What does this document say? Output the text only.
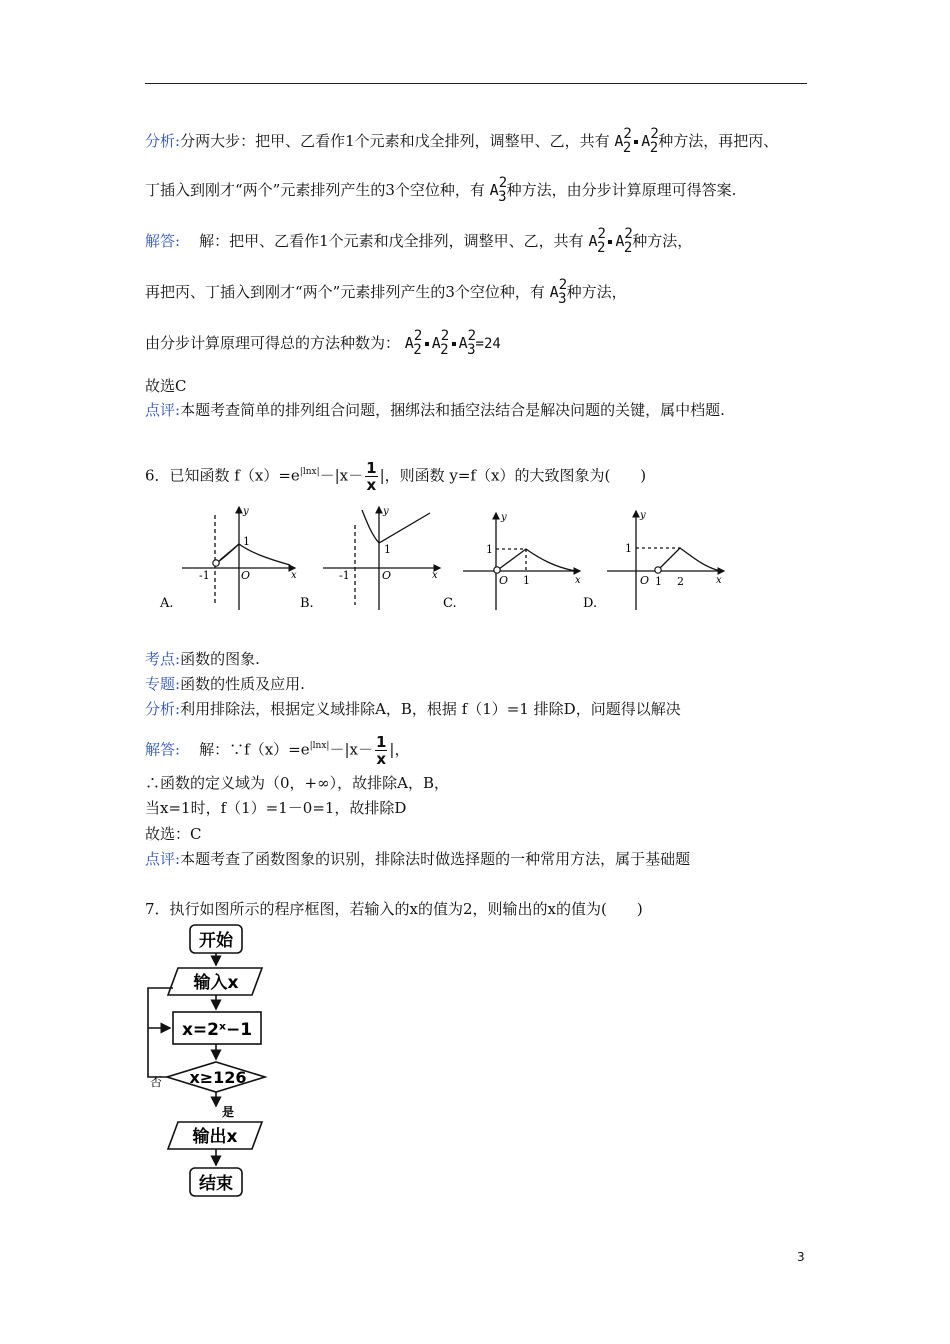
分析:分两大步：把甲、乙看作1个元素和戊全排列，调整甲、乙，共有 A22 A22种方法，再把丙、
丁插入到刚才“两个”元素排列产生的3个空位种，有 A23种方法，由分步计算原理可得答案.
解答: 解：把甲、乙看作1个元素和戊全排列，调整甲、乙，共有 A22 A22种方法，
再把丙、丁插入到刚才“两个”元素排列产生的3个空位种，有 A23种方法，
由分步计算原理可得总的方法种数为： A22 A22 A23=24
故选C
点评:本题考查简单的排列组合问题，捆绑法和插空法结合是解决问题的关键，属中档题.
6．已知函数 $f(x)=e^{|lnx|}-|x- \frac{1}{x}$ |，则函数 y=f（x）的大致图象为(　　)
1
-1	O	x
y
A.
1
-1	O	x
y
B.
1
O 1	x
y
C.
1
O 1 2	x
y
D.
考点:函数的图象.
专题:函数的性质及应用.
分析:利用排除法，根据定义域排除A，B，根据 f（1）=1 排除D，问题得以解决
解答: 解：$\because f(x)=e^{|lnx|}-|x- \frac{1}{x}$ |，
∴函数的定义域为（0，+∞），故排除A，B，
当x=1时，f（1）=1－0=1，故排除D
故选：C
点评:本题考查了函数图象的识别，排除法时做选择题的一种常用方法，属于基础题
7．执行如图所示的程序框图，若输入的x的值为2，则输出的x的值为(　　)
开始
输入x
x=2ˣ−1
x≥126
否
是
输出x
结束
3
